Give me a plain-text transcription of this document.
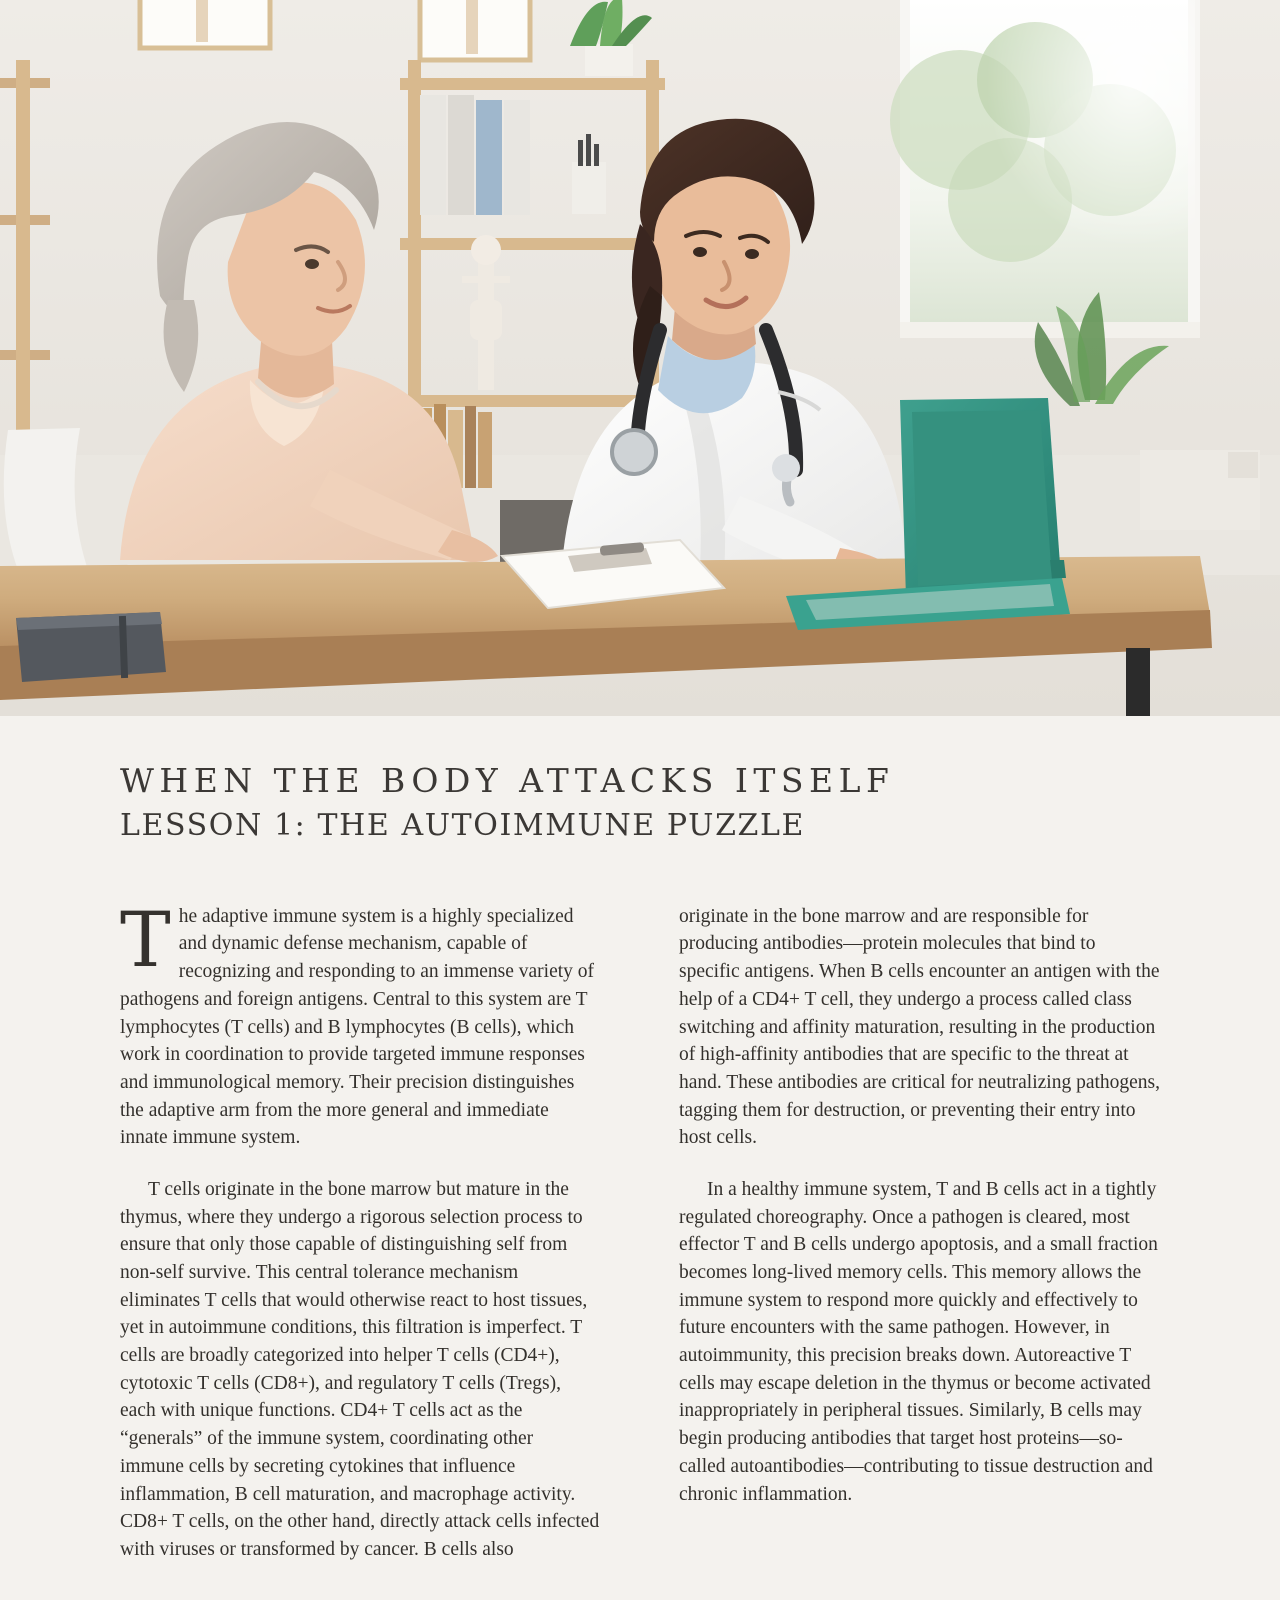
WHEN THE BODY ATTACKS ITSELF
LESSON 1: THE AUTOIMMUNE PUZZLE

The adaptive immune system is a highly specialized and dynamic defense mechanism, capable of recognizing and responding to an immense variety of pathogens and foreign antigens. Central to this system are T lymphocytes (T cells) and B lymphocytes (B cells), which work in coordination to provide targeted immune responses and immunological memory. Their precision distinguishes the adaptive arm from the more general and immediate innate immune system.

T cells originate in the bone marrow but mature in the thymus, where they undergo a rigorous selection process to ensure that only those capable of distinguishing self from non-self survive. This central tolerance mechanism eliminates T cells that would otherwise react to host tissues, yet in autoimmune conditions, this filtration is imperfect. T cells are broadly categorized into helper T cells (CD4+), cytotoxic T cells (CD8+), and regulatory T cells (Tregs), each with unique functions. CD4+ T cells act as the “generals” of the immune system, coordinating other immune cells by secreting cytokines that influence inflammation, B cell maturation, and macrophage activity. CD8+ T cells, on the other hand, directly attack cells infected with viruses or transformed by cancer. B cells also

originate in the bone marrow and are responsible for producing antibodies—protein molecules that bind to specific antigens. When B cells encounter an antigen with the help of a CD4+ T cell, they undergo a process called class switching and affinity maturation, resulting in the production of high-affinity antibodies that are specific to the threat at hand. These antibodies are critical for neutralizing pathogens, tagging them for destruction, or preventing their entry into host cells.

In a healthy immune system, T and B cells act in a tightly regulated choreography. Once a pathogen is cleared, most effector T and B cells undergo apoptosis, and a small fraction becomes long-lived memory cells. This memory allows the immune system to respond more quickly and effectively to future encounters with the same pathogen. However, in autoimmunity, this precision breaks down. Autoreactive T cells may escape deletion in the thymus or become activated inappropriately in peripheral tissues. Similarly, B cells may begin producing antibodies that target host proteins—so-called autoantibodies—contributing to tissue destruction and chronic inflammation.
